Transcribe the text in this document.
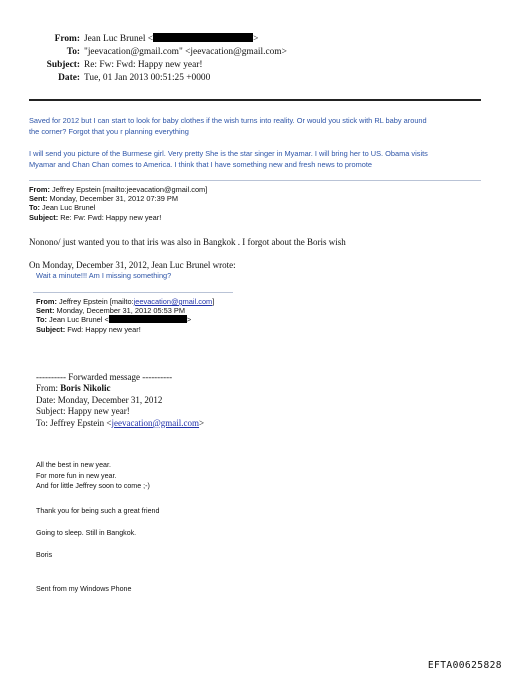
From: Jean Luc Brunel <	>
To: "jeevacation@gmail.com" <jeevacation@gmail.com>
Subject: Re: Fw: Fwd: Happy new year!
Date: Tue, 01 Jan 2013 00:51:25 +0000
Saved for 2012 but I can start to look for baby clothes if the wish turns into reality. Or would you stick with RL baby around
the corner? Forgot that you r planning everything
I will send you picture of the Burmese girl. Very pretty She is the star singer in Myamar. I will bring her to US. Obama visits
Myamar and Chan Chan comes to America. I think that I have something new and fresh news to promote
From: Jeffrey Epstein [mailto:jeevacation@gmail.com]
Sent: Monday, December 31, 2012 07:39 PM
To: Jean Luc Brunel
Subject: Re: Fw: Fwd: Happy new year!
Nonono/ just wanted you to that iris was also in Bangkok . I forgot about the Boris wish
On Monday, December 31, 2012, Jean Luc Brunel wrote:
Wait a minute!!! Am I missing something?
From: Jeffrey Epstein [mailto:jeevacation@gmail.com]
Sent: Monday, December 31, 2012 05:53 PM
To: Jean Luc Brunel <	>
Subject: Fwd: Happy new year!
---------- Forwarded message ----------
From: Boris Nikolic
Date: Monday, December 31, 2012
Subject: Happy new year!
To: Jeffrey Epstein <jeevacation@gmail.com>
All the best in new year.
For more fun in new year.
And for little Jeffrey soon to come ;-)
Thank you for being such a great friend
Going to sleep. Still in Bangkok.
Boris
Sent from my Windows Phone
EFTA00625828
